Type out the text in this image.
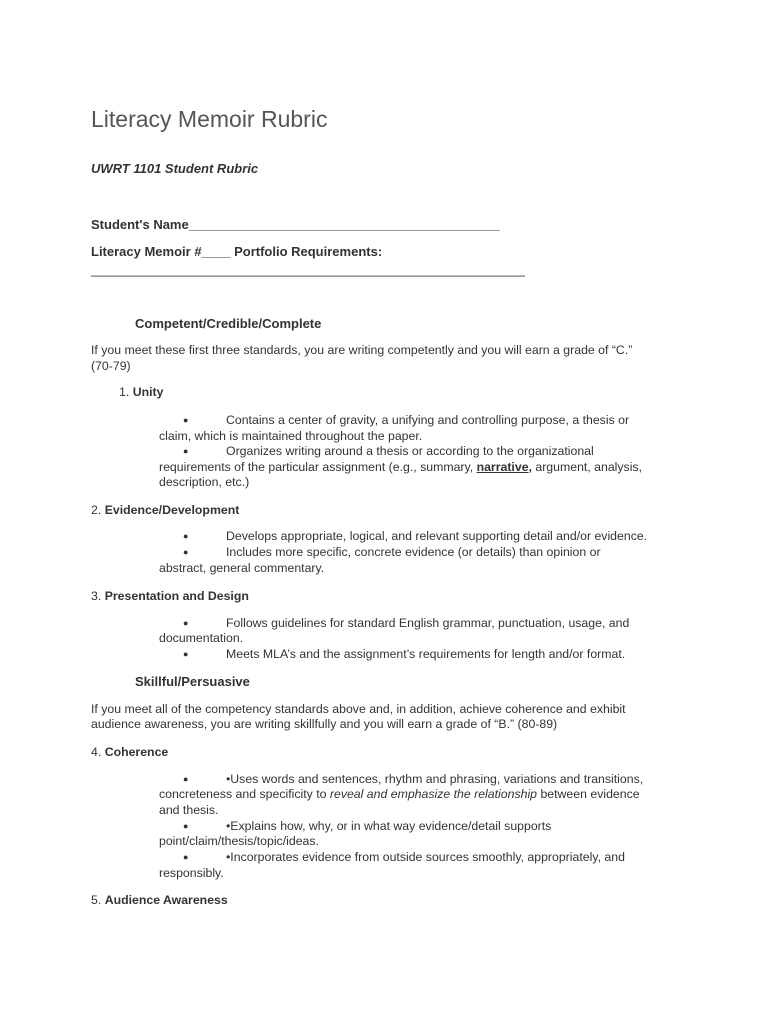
Literacy Memoir Rubric
UWRT 1101 Student Rubric
Student's Name___________________________________________
Literacy Memoir #____ Portfolio Requirements:
____________________________________________________________
Competent/Credible/Complete
If you meet these first three standards, you are writing competently and you will earn a grade of “C.”
(70-79)
1. Unity
●	Contains a center of gravity, a unifying and controlling purpose, a thesis or
claim, which is maintained throughout the paper.
●	Organizes writing around a thesis or according to the organizational
requirements of the particular assignment (e.g., summary, narrative, argument, analysis,
description, etc.)
2. Evidence/Development
●	Develops appropriate, logical, and relevant supporting detail and/or evidence.
●	Includes more specific, concrete evidence (or details) than opinion or
abstract, general commentary.
3. Presentation and Design
●	Follows guidelines for standard English grammar, punctuation, usage, and
documentation.
●	Meets MLA’s and the assignment’s requirements for length and/or format.
Skillful/Persuasive
If you meet all of the competency standards above and, in addition, achieve coherence and exhibit
audience awareness, you are writing skillfully and you will earn a grade of “B.” (80-89)
4. Coherence
●	•Uses words and sentences, rhythm and phrasing, variations and transitions,
concreteness and specificity to reveal and emphasize the relationship between evidence
and thesis.
●	•Explains how, why, or in what way evidence/detail supports
point/claim/thesis/topic/ideas.
●	•Incorporates evidence from outside sources smoothly, appropriately, and
responsibly.
5. Audience Awareness
